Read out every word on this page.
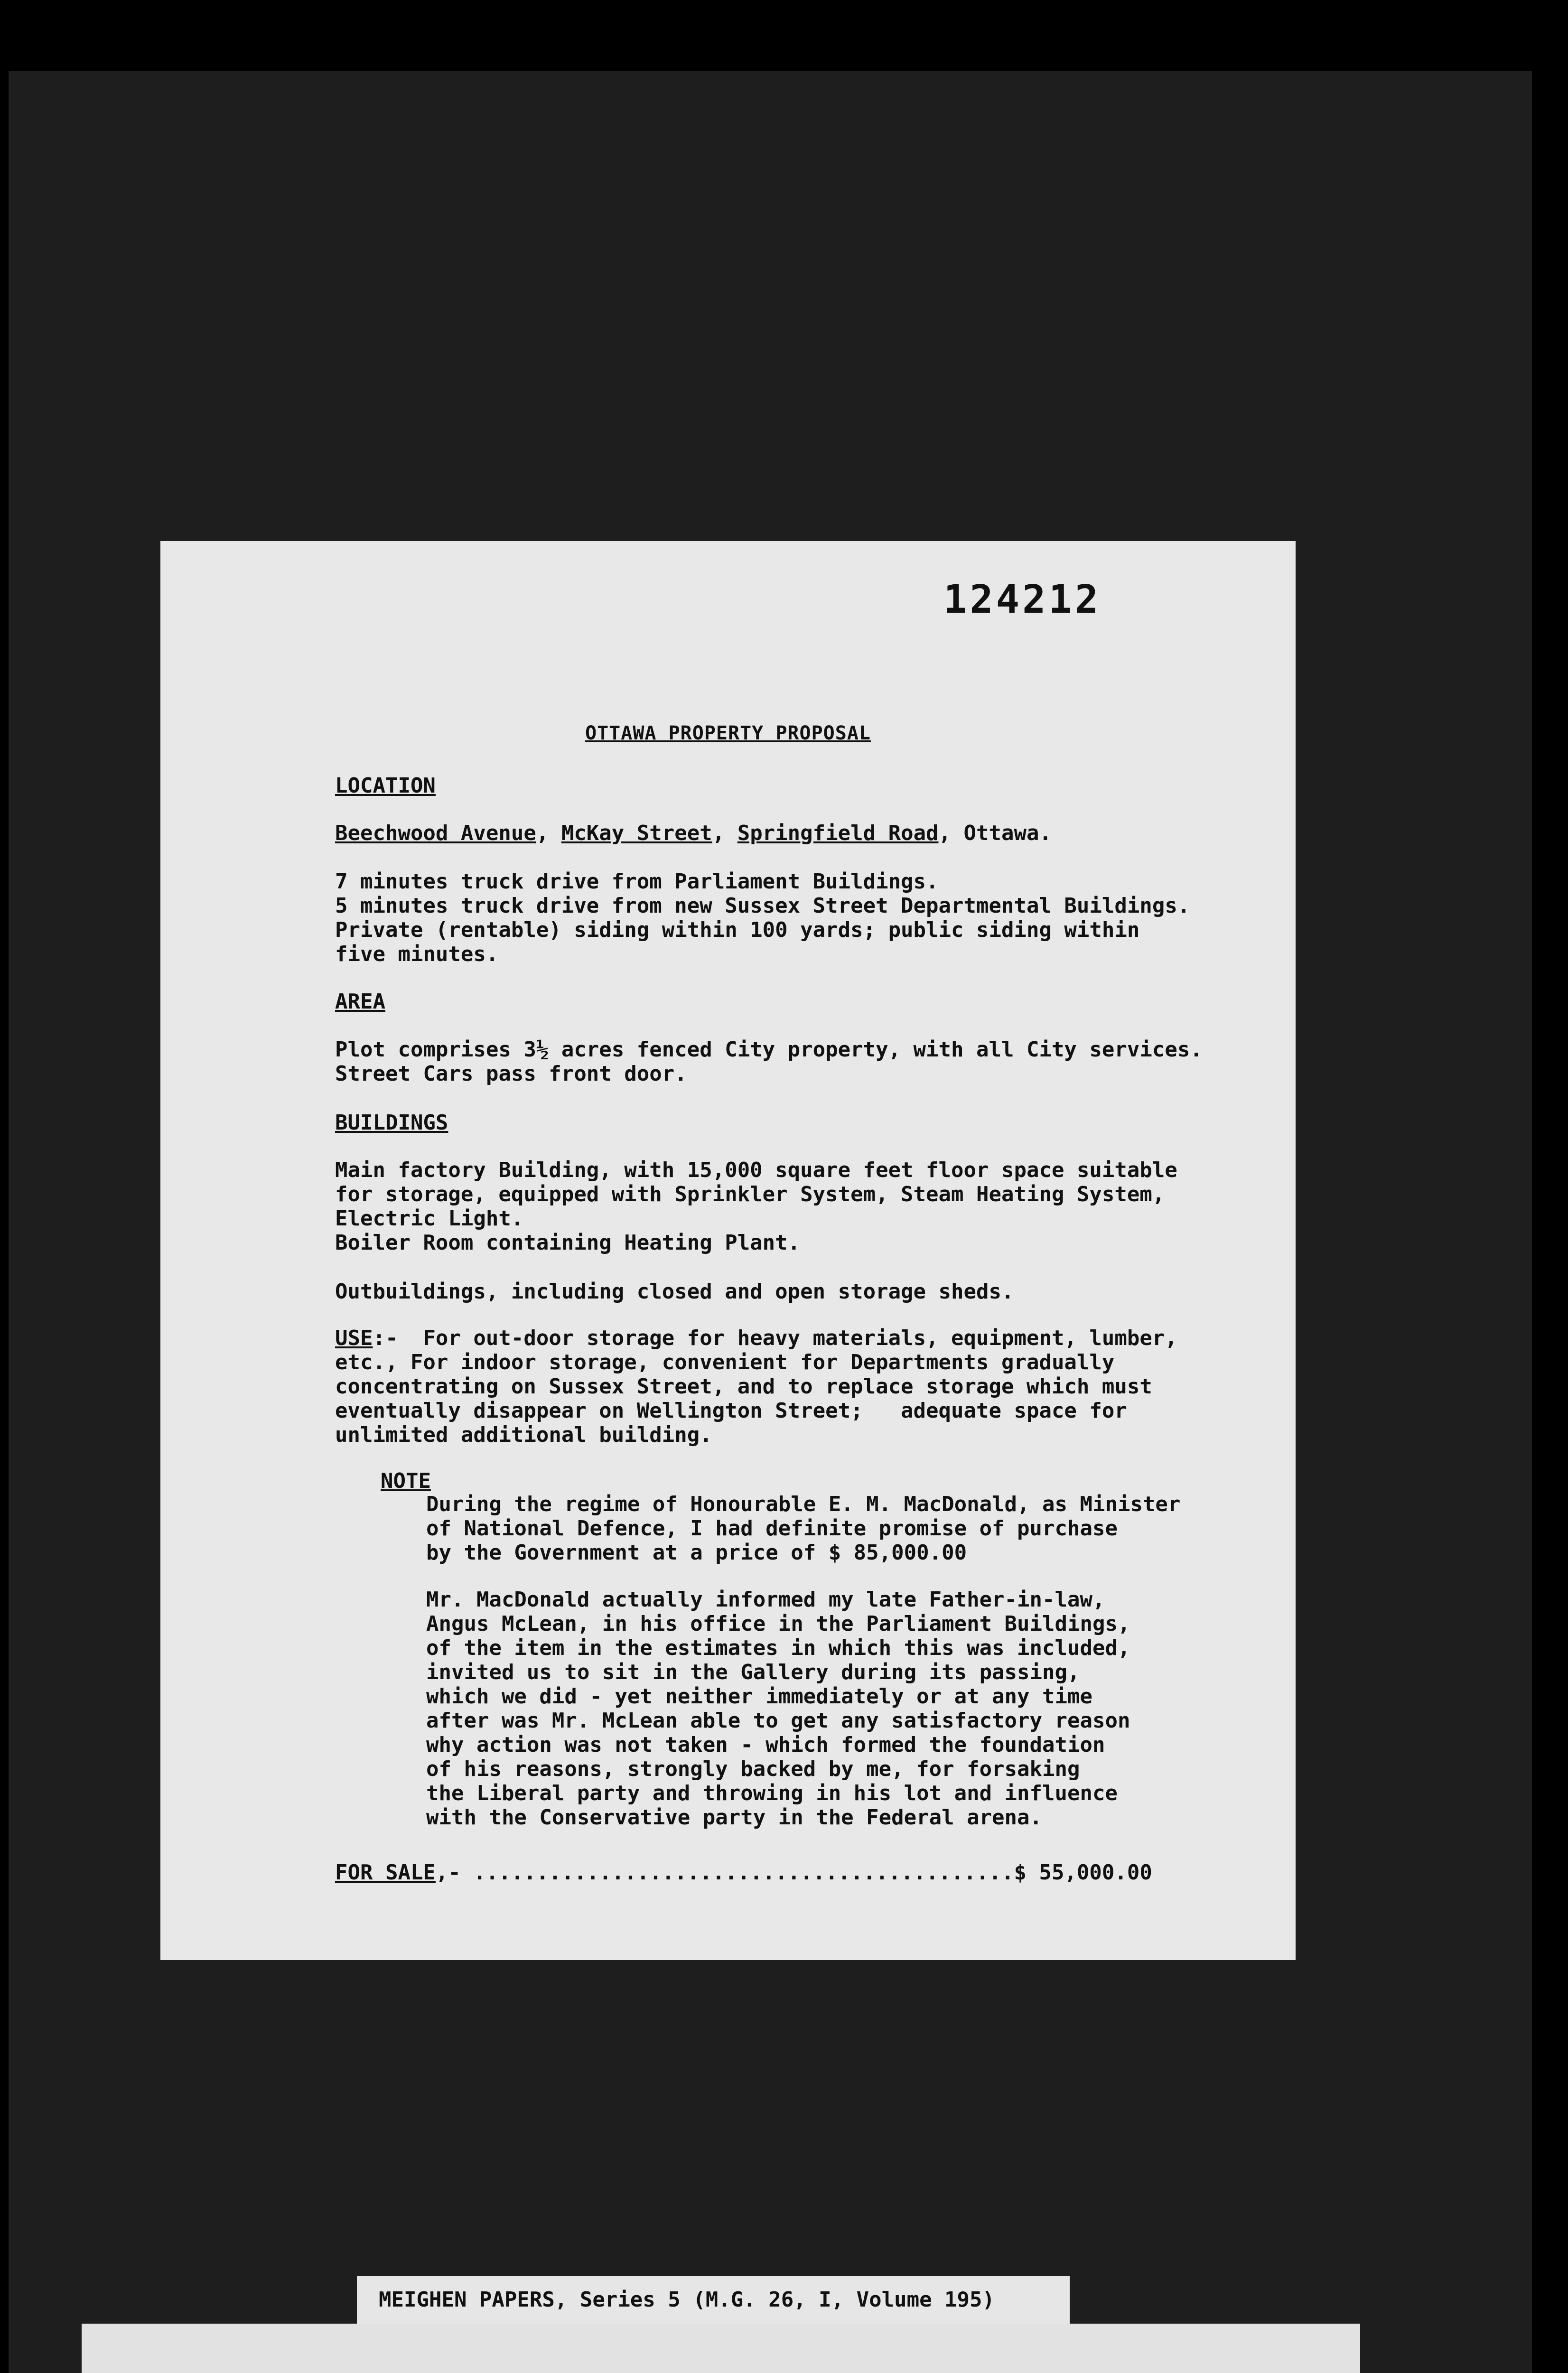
124212
OTTAWA PROPERTY PROPOSAL
LOCATION
Beechwood Avenue, McKay Street, Springfield Road, Ottawa.
7 minutes truck drive from Parliament Buildings.
5 minutes truck drive from new Sussex Street Departmental Buildings.
Private (rentable) siding within 100 yards; public siding within
five minutes.
AREA
Plot comprises 3½ acres fenced City property, with all City services.
Street Cars pass front door.
BUILDINGS
Main factory Building, with 15,000 square feet floor space suitable
for storage, equipped with Sprinkler System, Steam Heating System,
Electric Light.
Boiler Room containing Heating Plant.
Outbuildings, including closed and open storage sheds.
USE:-  For out-door storage for heavy materials, equipment, lumber,
etc., For indoor storage, convenient for Departments gradually
concentrating on Sussex Street, and to replace storage which must
eventually disappear on Wellington Street;   adequate space for
unlimited additional building.
NOTE
During the regime of Honourable E. M. MacDonald, as Minister
of National Defence, I had definite promise of purchase
by the Government at a price of $ 85,000.00
Mr. MacDonald actually informed my late Father-in-law,
Angus McLean, in his office in the Parliament Buildings,
of the item in the estimates in which this was included,
invited us to sit in the Gallery during its passing,
which we did - yet neither immediately or at any time
after was Mr. McLean able to get any satisfactory reason
why action was not taken - which formed the foundation
of his reasons, strongly backed by me, for forsaking
the Liberal party and throwing in his lot and influence
with the Conservative party in the Federal arena.
FOR SALE,- ...........................................$ 55,000.00
MEIGHEN PAPERS, Series 5 (M.G. 26, I, Volume 195)
